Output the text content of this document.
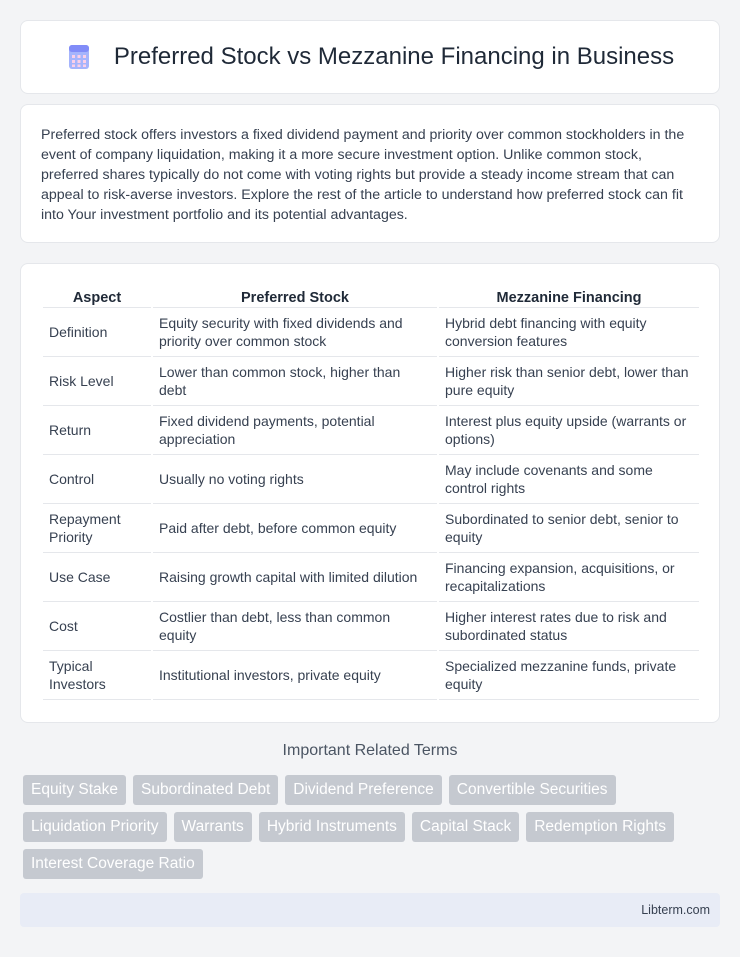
Preferred Stock vs Mezzanine Financing in Business

Preferred stock offers investors a fixed dividend payment and priority over common stockholders in the event of company liquidation, making it a more secure investment option. Unlike common stock, preferred shares typically do not come with voting rights but provide a steady income stream that can appeal to risk-averse investors. Explore the rest of the article to understand how preferred stock can fit into Your investment portfolio and its potential advantages.

Aspect	Preferred Stock	Mezzanine Financing
Definition	Equity security with fixed dividends and priority over common stock	Hybrid debt financing with equity conversion features
Risk Level	Lower than common stock, higher than debt	Higher risk than senior debt, lower than pure equity
Return	Fixed dividend payments, potential appreciation	Interest plus equity upside (warrants or options)
Control	Usually no voting rights	May include covenants and some control rights
Repayment Priority	Paid after debt, before common equity	Subordinated to senior debt, senior to equity
Use Case	Raising growth capital with limited dilution	Financing expansion, acquisitions, or recapitalizations
Cost	Costlier than debt, less than common equity	Higher interest rates due to risk and subordinated status
Typical Investors	Institutional investors, private equity	Specialized mezzanine funds, private equity
Important Related Terms
Equity Stake	Subordinated Debt	Dividend Preference	Convertible Securities
Liquidation Priority	Warrants	Hybrid Instruments	Capital Stack	Redemption Rights
Interest Coverage Ratio
Libterm.com
